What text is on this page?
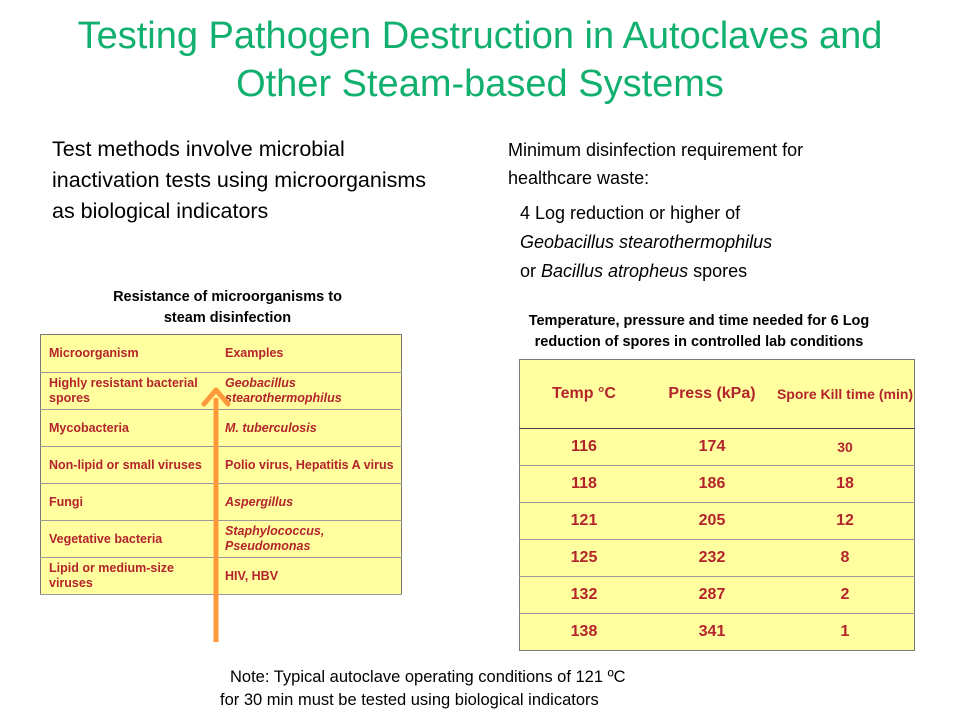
Testing Pathogen Destruction in Autoclaves and
Other Steam-based Systems
Test methods involve microbial inactivation tests using microorganisms as biological indicators
Minimum disinfection requirement for healthcare waste:
4 Log reduction or higher of
Geobacillus stearothermophilus
or Bacillus atropheus spores
Resistance of microorganisms to
steam disinfection
Microorganism	Examples
Highly resistant bacterial spores	Geobacillus stearothermophilus
Mycobacteria	M. tuberculosis
Non-lipid or small viruses	Polio virus, Hepatitis A virus
Fungi	Aspergillus
Vegetative bacteria	Staphylococcus, Pseudomonas
Lipid or medium-size viruses	HIV, HBV
Temperature, pressure and time needed for 6 Log
reduction of spores in controlled lab conditions
Temp °C	Press (kPa)	Spore Kill time (min)
116	174	30
118	186	18
121	205	12
125	232	8
132	287	2
138	341	1
Note: Typical autoclave operating conditions of 121 ºC
for 30 min must be tested using biological indicators
